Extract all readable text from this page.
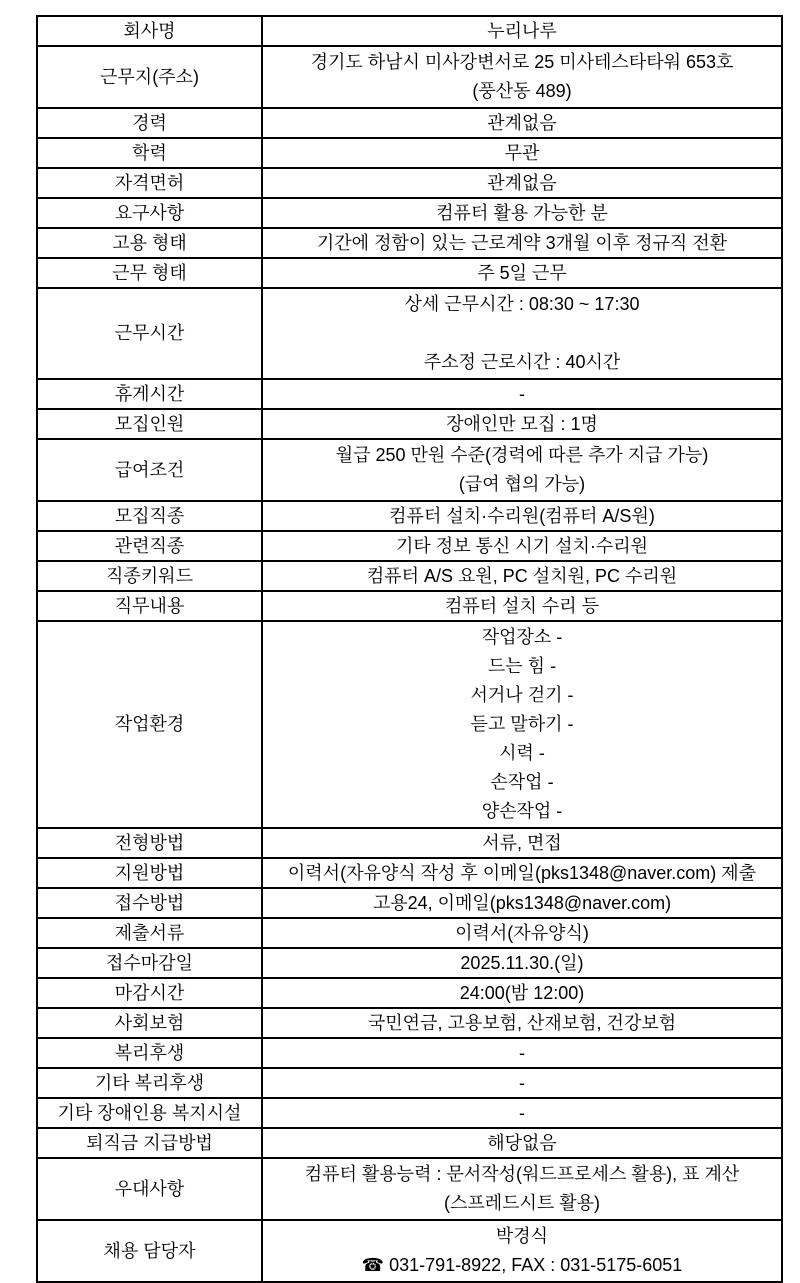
회사명	누리나루

근무지(주소)	경기도 하남시 미사강변서로 25 미사테스타타워 653호
(풍산동 489)

경력	관계없음

학력	무관

자격면허	관계없음

요구사항	컴퓨터 활용 가능한 분

고용 형태	기간에 정함이 있는 근로계약 3개월 이후 정규직 전환

근무 형태	주 5일 근무

근무시간	상세 근무시간 : 08:30 ~ 17:30

주소정 근로시간 : 40시간

휴게시간	-

모집인원	장애인만 모집 : 1명

급여조건	월급 250 만원 수준(경력에 따른 추가 지급 가능)
(급여 협의 가능)

모집직종	컴퓨터 설치·수리원(컴퓨터 A/S원)

관련직종	기타 정보 통신 시기 설치·수리원

직종키워드	컴퓨터 A/S 요원, PC 설치원, PC 수리원

직무내용	컴퓨터 설치 수리 등

작업환경	
작업장소 -
드는 힘 -
서거나 걷기 -
듣고 말하기 -
시력 -
손작업 -
양손작업 -

전형방법	서류, 면접

지원방법	이력서(자유양식 작성 후 이메일(pks1348@naver.com) 제출

접수방법	고용24, 이메일(pks1348@naver.com)

제출서류	이력서(자유양식)

접수마감일	2025.11.30.(일)

마감시간	24:00(밤 12:00)

사회보험	국민연금, 고용보험, 산재보험, 건강보험

복리후생	-

기타 복리후생	-

기타 장애인용 복지시설	-

퇴직금 지급방법	해당없음

우대사항	컴퓨터 활용능력 : 문서작성(워드프로세스 활용), 표 계산
(스프레드시트 활용)

채용 담당자	박경식
☎ 031-791-8922, FAX : 031-5175-6051
